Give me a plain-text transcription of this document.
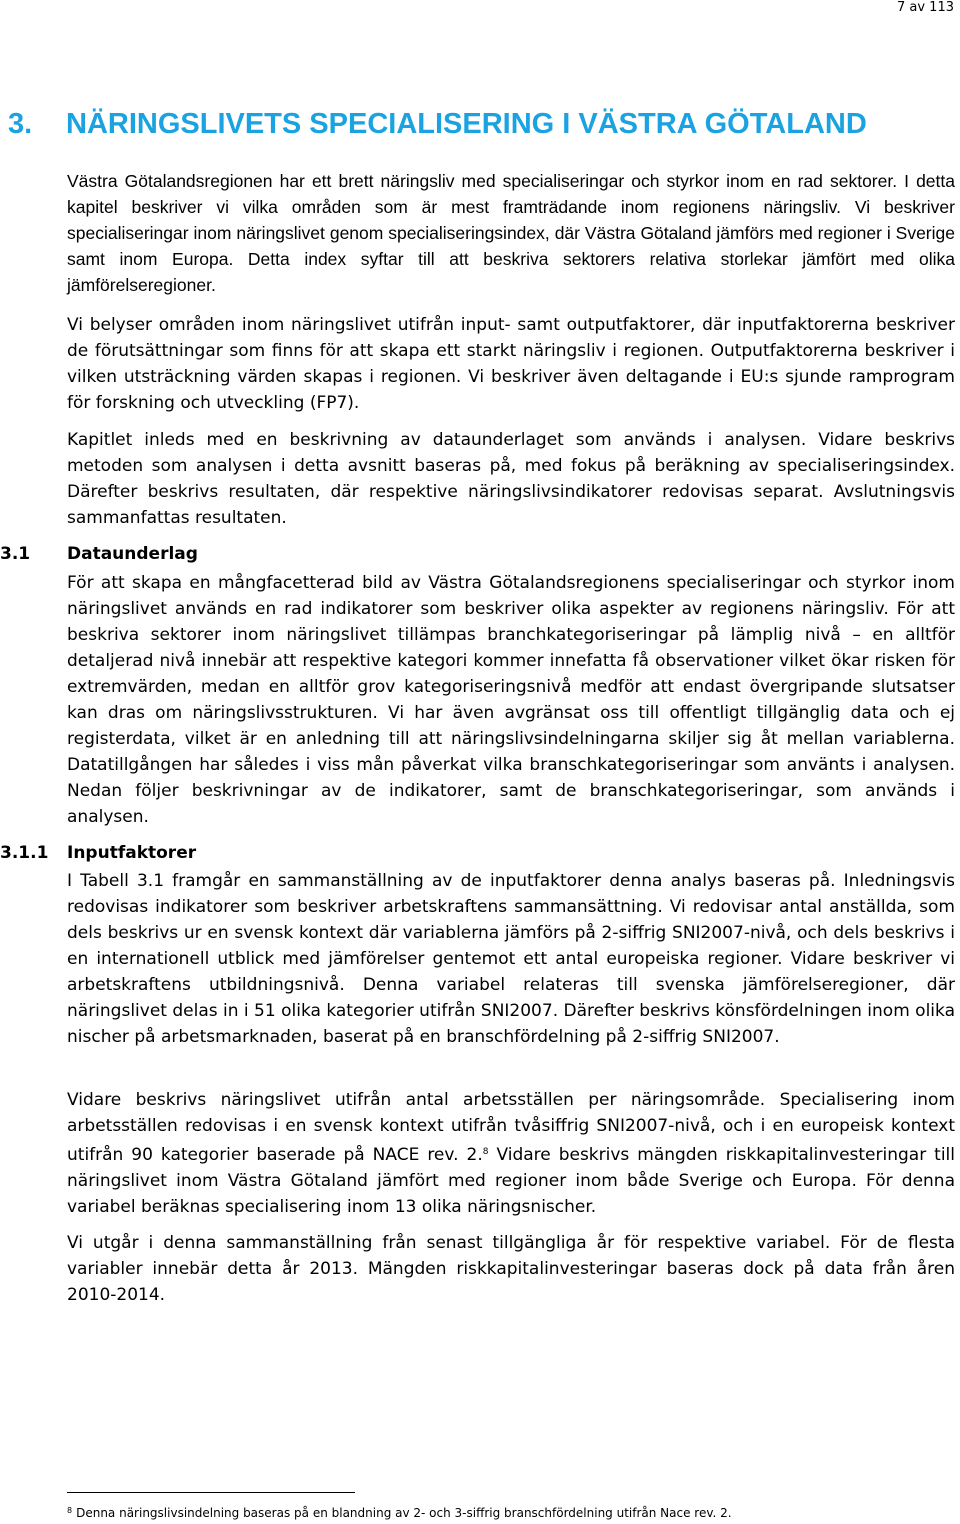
7 av 113
3. NÄRINGSLIVETS SPECIALISERING I VÄSTRA GÖTALAND

Västra Götalandsregionen har ett brett näringsliv med specialiseringar och styrkor inom en rad sektorer. I detta kapitel beskriver vi vilka områden som är mest framträdande inom regionens näringsliv. Vi beskriver specialiseringar inom näringslivet genom specialiseringsindex, där Västra Götaland jämförs med regioner i Sverige samt inom Europa. Detta index syftar till att beskriva sektorers relativa storlekar jämfört med olika jämförelseregioner.

Vi belyser områden inom näringslivet utifrån input- samt outputfaktorer, där inputfaktorerna beskriver de förutsättningar som finns för att skapa ett starkt näringsliv i regionen. Outputfaktorerna beskriver i vilken utsträckning värden skapas i regionen. Vi beskriver även deltagande i EU:s sjunde ramprogram för forskning och utveckling (FP7).

Kapitlet inleds med en beskrivning av dataunderlaget som används i analysen. Vidare beskrivs metoden som analysen i detta avsnitt baseras på, med fokus på beräkning av specialiseringsindex. Därefter beskrivs resultaten, där respektive näringslivsindikatorer redovisas separat. Avslutningsvis sammanfattas resultaten.

3.1 Dataunderlag

För att skapa en mångfacetterad bild av Västra Götalandsregionens specialiseringar och styrkor inom näringslivet används en rad indikatorer som beskriver olika aspekter av regionens näringsliv. För att beskriva sektorer inom näringslivet tillämpas branchkategoriseringar på lämplig nivå – en alltför detaljerad nivå innebär att respektive kategori kommer innefatta få observationer vilket ökar risken för extremvärden, medan en alltför grov kategoriseringsnivå medför att endast övergripande slutsatser kan dras om näringslivsstrukturen. Vi har även avgränsat oss till offentligt tillgänglig data och ej registerdata, vilket är en anledning till att näringslivsindelningarna skiljer sig åt mellan variablerna. Datatillgången har således i viss mån påverkat vilka branschkategoriseringar som använts i analysen. Nedan följer beskrivningar av de indikatorer, samt de branschkategoriseringar, som används i analysen.

3.1.1 Inputfaktorer

I Tabell 3.1 framgår en sammanställning av de inputfaktorer denna analys baseras på. Inledningsvis redovisas indikatorer som beskriver arbetskraftens sammansättning. Vi redovisar antal anställda, som dels beskrivs ur en svensk kontext där variablerna jämförs på 2-siffrig SNI2007-nivå, och dels beskrivs i en internationell utblick med jämförelser gentemot ett antal europeiska regioner. Vidare beskriver vi arbetskraftens utbildningsnivå. Denna variabel relateras till svenska jämförelseregioner, där näringslivet delas in i 51 olika kategorier utifrån SNI2007. Därefter beskrivs könsfördelningen inom olika nischer på arbetsmarknaden, baserat på en branschfördelning på 2-siffrig SNI2007.

Vidare beskrivs näringslivet utifrån antal arbetsställen per näringsområde. Specialisering inom arbetsställen redovisas i en svensk kontext utifrån tvåsiffrig SNI2007-nivå, och i en europeisk kontext utifrån 90 kategorier baserade på NACE rev. 2.$^8$ Vidare beskrivs mängden riskkapitalinvesteringar till näringslivet inom Västra Götaland jämfört med regioner inom både Sverige och Europa. För denna variabel beräknas specialisering inom 13 olika näringsnischer.

Vi utgår i denna sammanställning från senast tillgängliga år för respektive variabel. För de flesta variabler innebär detta år 2013. Mängden riskkapitalinvesteringar baseras dock på data från åren 2010-2014.

$^8$ Denna näringslivsindelning baseras på en blandning av 2- och 3-siffrig branschfördelning utifrån Nace rev. 2.
